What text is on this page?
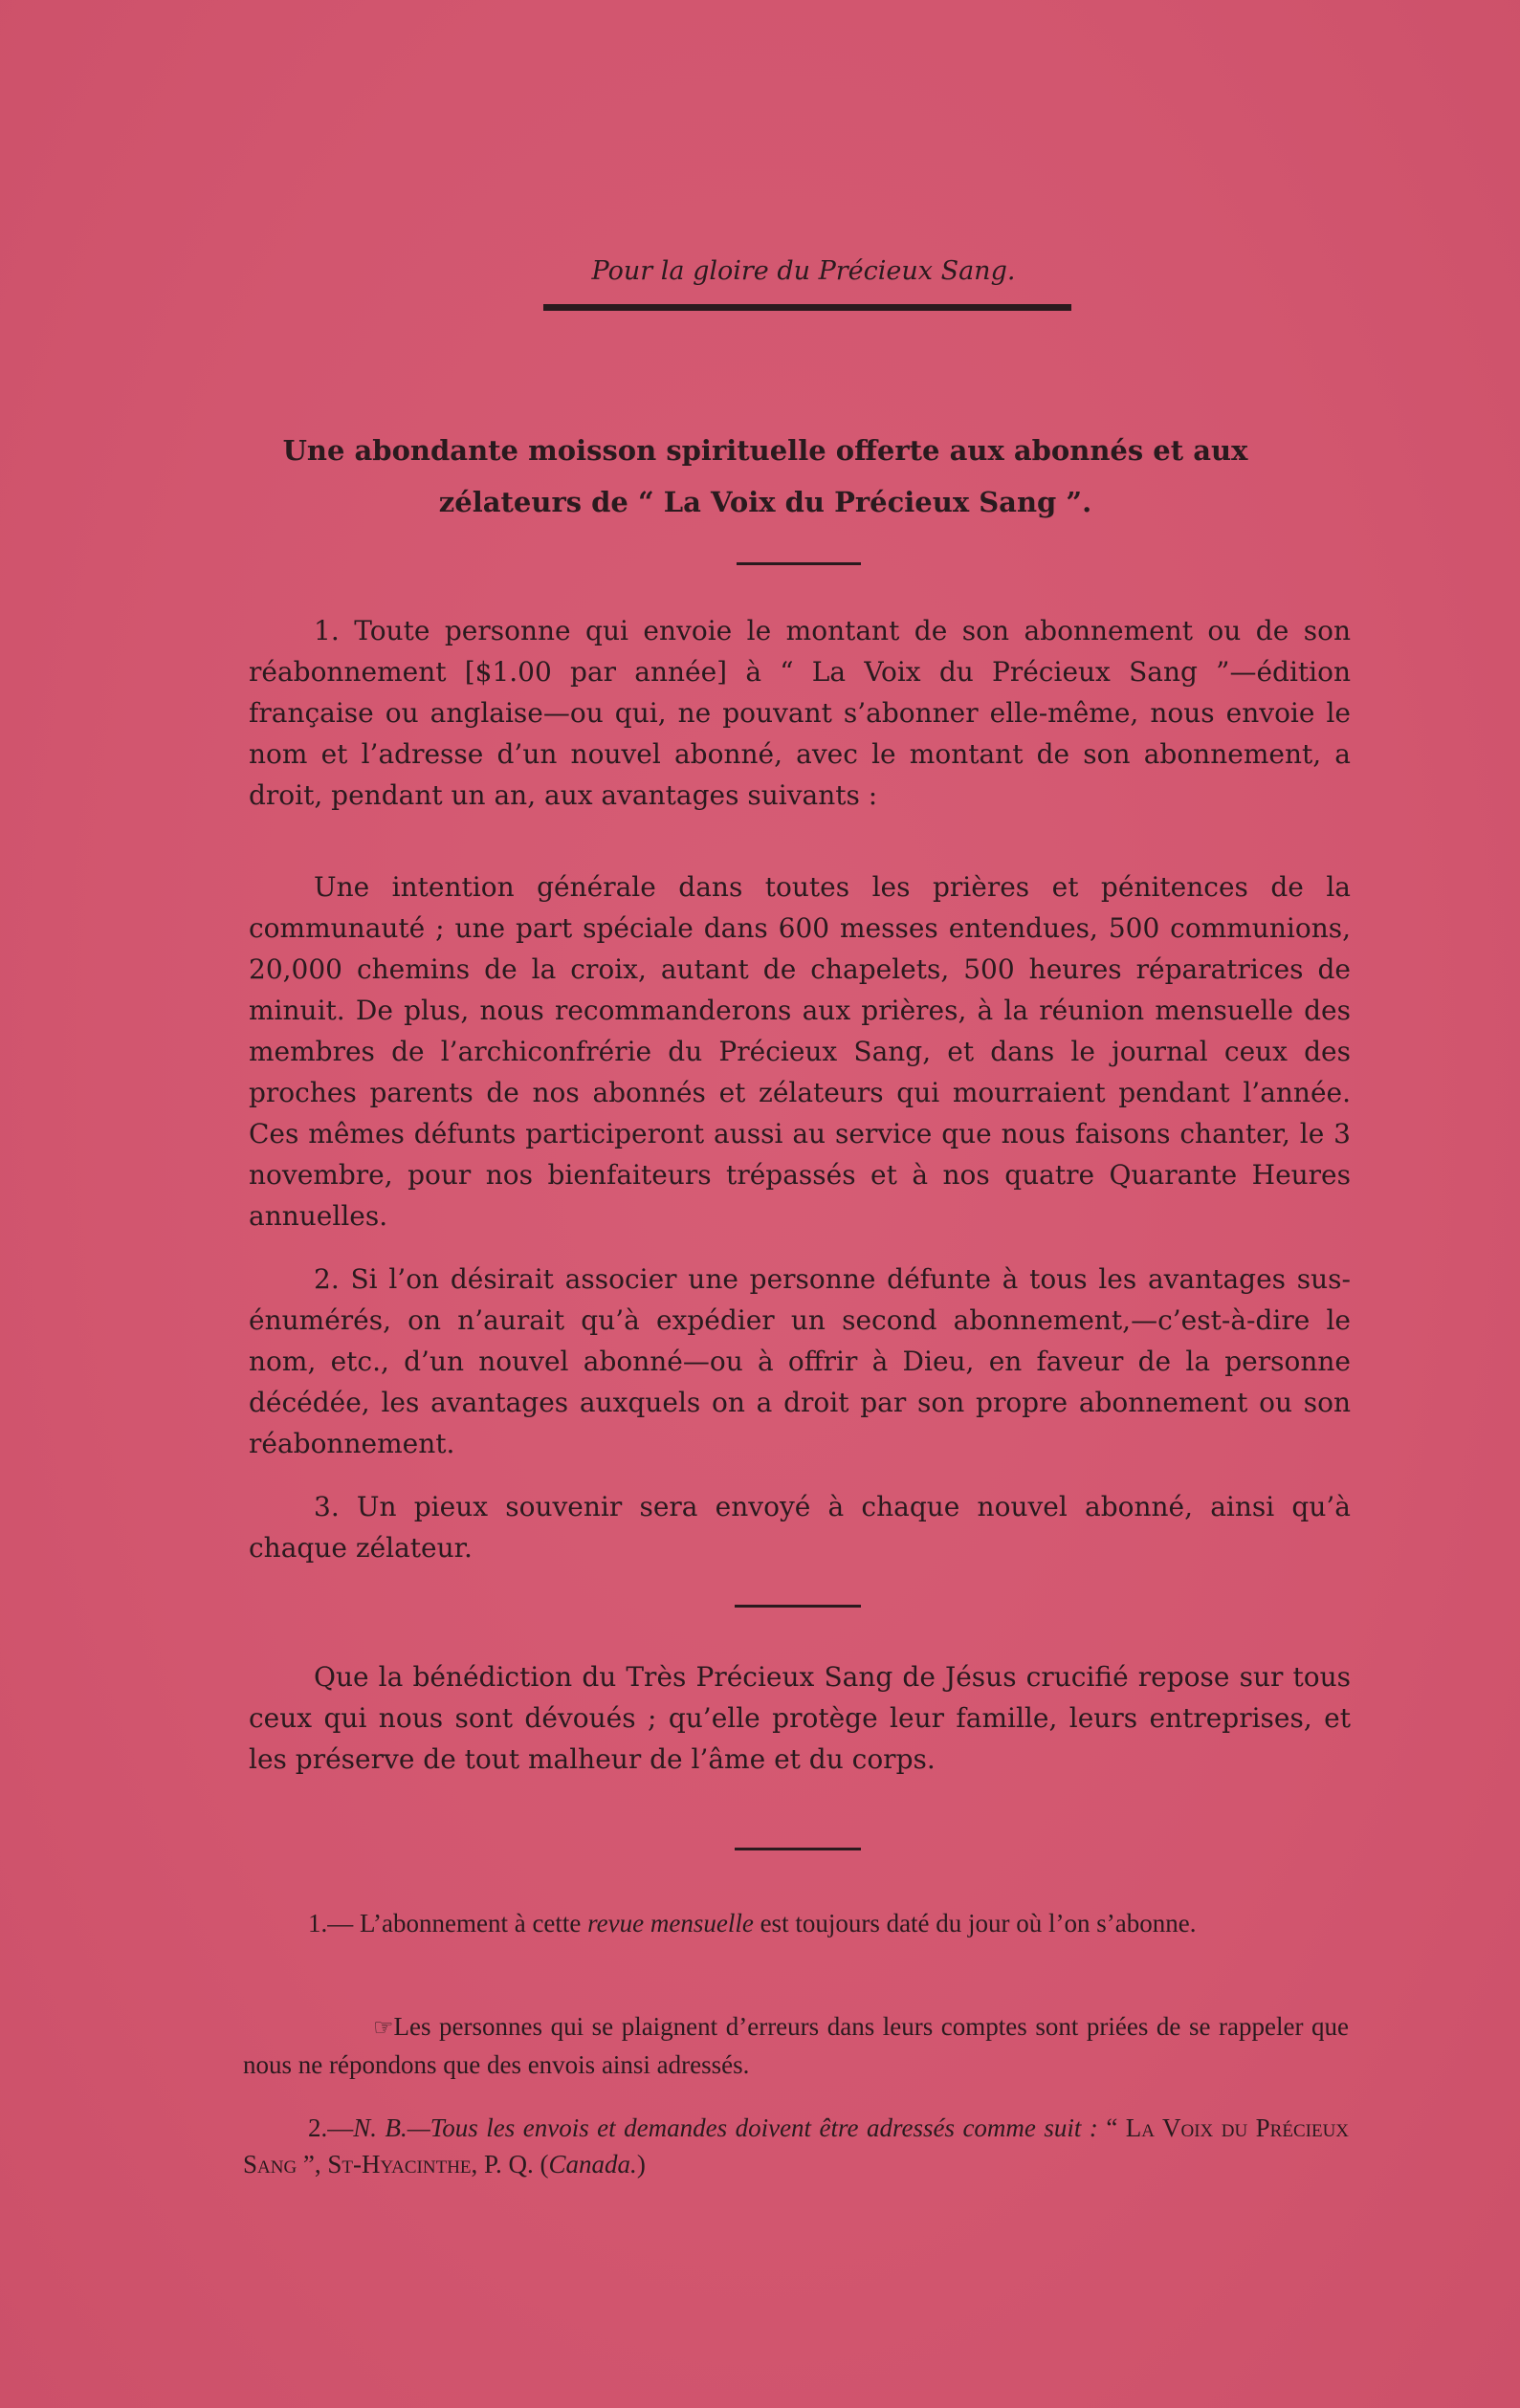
Pour la gloire du Précieux Sang.
Une abondante moisson spirituelle offerte aux abonnés et aux
zélateurs de “ La Voix du Précieux Sang ”.
1. Toute personne qui envoie le montant de son abonnement ou de son réabonnement [$1.00 par année] à “ La Voix du Précieux Sang ”—édition française ou anglaise—ou qui, ne pouvant s’abonner elle-même, nous envoie le nom et l’adresse d’un nouvel abonné, avec le montant de son abonnement, a droit, pendant un an, aux avantages suivants :
Une intention générale dans toutes les prières et pénitences de la communauté ; une part spéciale dans 600 messes entendues, 500 communions, 20,000 chemins de la croix, autant de chapelets, 500 heures réparatrices de minuit. De plus, nous recommanderons aux prières, à la réunion mensuelle des membres de l’archiconfrérie du Précieux Sang, et dans le journal ceux des proches parents de nos abonnés et zélateurs qui mourraient pendant l’année. Ces mêmes défunts participeront aussi au service que nous faisons chanter, le 3 novembre, pour nos bienfaiteurs trépassés et à nos quatre Quarante Heures annuelles.
2. Si l’on désirait associer une personne défunte à tous les avantages sus-énumérés, on n’aurait qu’à expédier un second abonnement,—c’est-à-dire le nom, etc., d’un nouvel abonné—ou à offrir à Dieu, en faveur de la personne décédée, les avantages auxquels on a droit par son propre abonnement ou son réabonnement.
3. Un pieux souvenir sera envoyé à chaque nouvel abonné, ainsi qu’à chaque zélateur.
Que la bénédiction du Très Précieux Sang de Jésus crucifié repose sur tous ceux qui nous sont dévoués ; qu’elle protège leur famille, leurs entreprises, et les préserve de tout malheur de l’âme et du corps.
1.— L’abonnement à cette revue mensuelle est toujours daté du jour où l’on s’abonne.
☞Les personnes qui se plaignent d’erreurs dans leurs comptes sont priées de se rappeler que nous ne répondons que des envois ainsi adressés.
2.—N. B.—Tous les envois et demandes doivent être adressés comme suit : “ La Voix du Précieux Sang ”, St-Hyacinthe, P. Q. (Canada.)
